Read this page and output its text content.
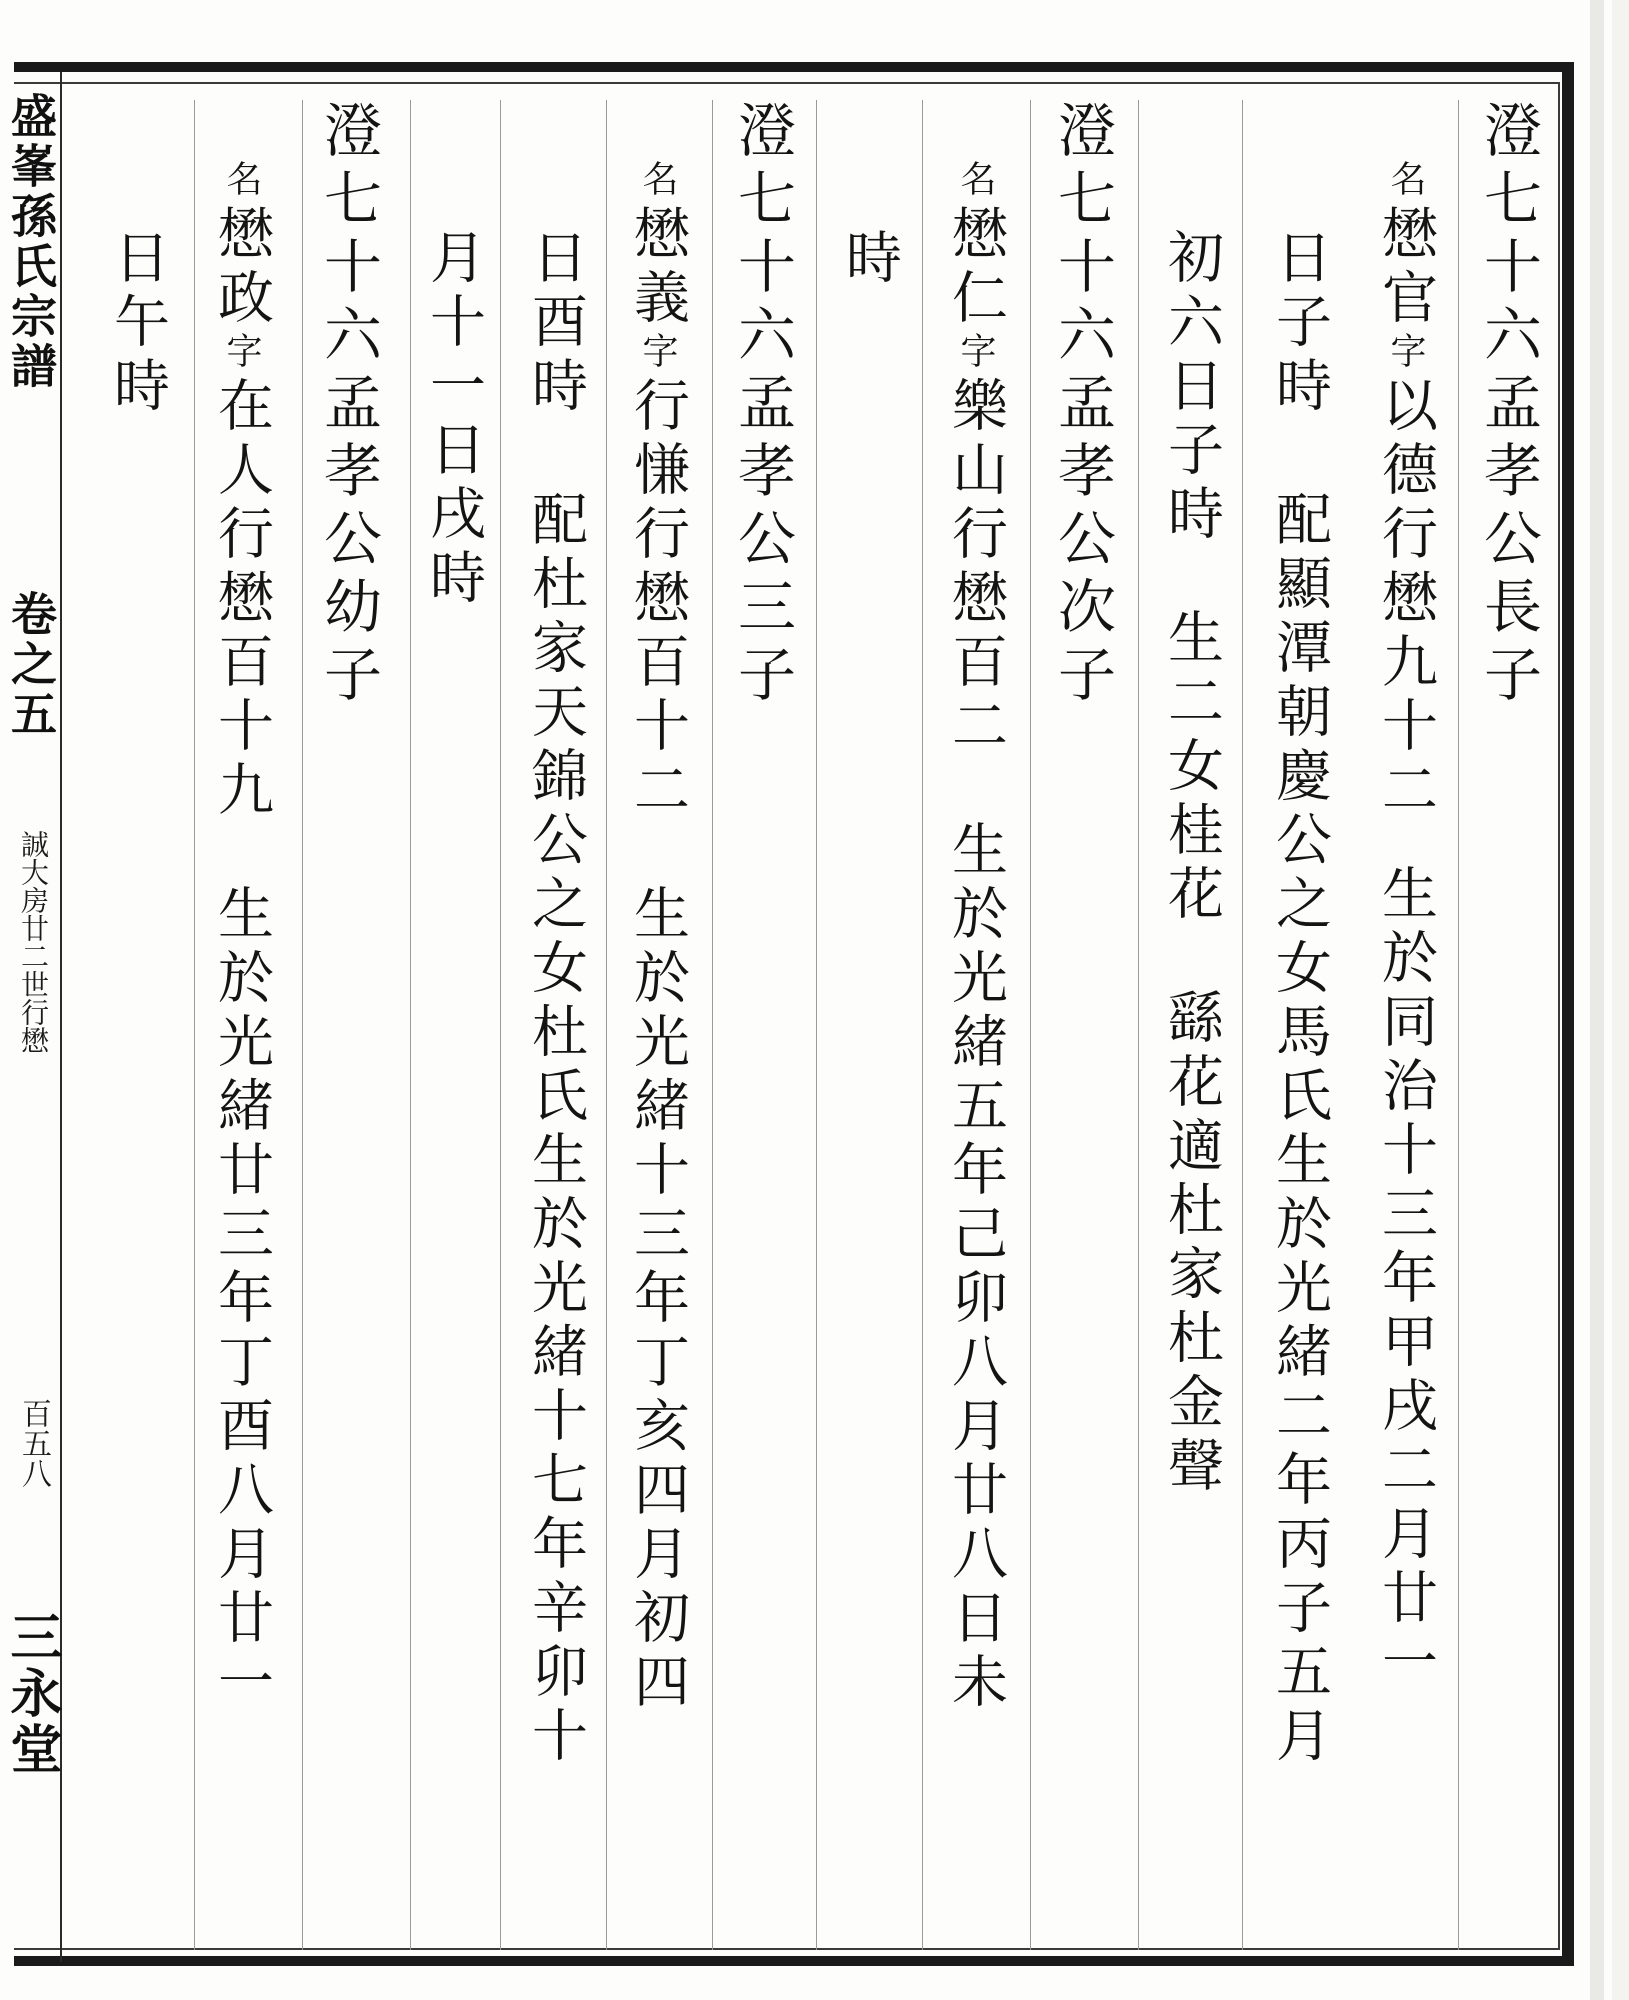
盛峯孫氏宗譜
卷之五
誠大房廿二世行懋
百五八
三永堂
澄七十六孟孝公長子
名懋官字以德行懋九十二生於同治十三年甲戌二月廿一
日子時配顯潭朝慶公之女馬氏生於光緒二年丙子五月
初六日子時生二女桂花繇花適杜家杜金聲
澄七十六孟孝公次子
名懋仁字樂山行懋百二生於光緒五年己卯八月廿八日未
時
澄七十六孟孝公三子
名懋義字行慊行懋百十二生於光緒十三年丁亥四月初四
日酉時配杜家天錦公之女杜氏生於光緒十七年辛卯十
月十一日戌時
澄七十六孟孝公幼子
名懋政字在人行懋百十九生於光緒廿三年丁酉八月廿一
日午時
